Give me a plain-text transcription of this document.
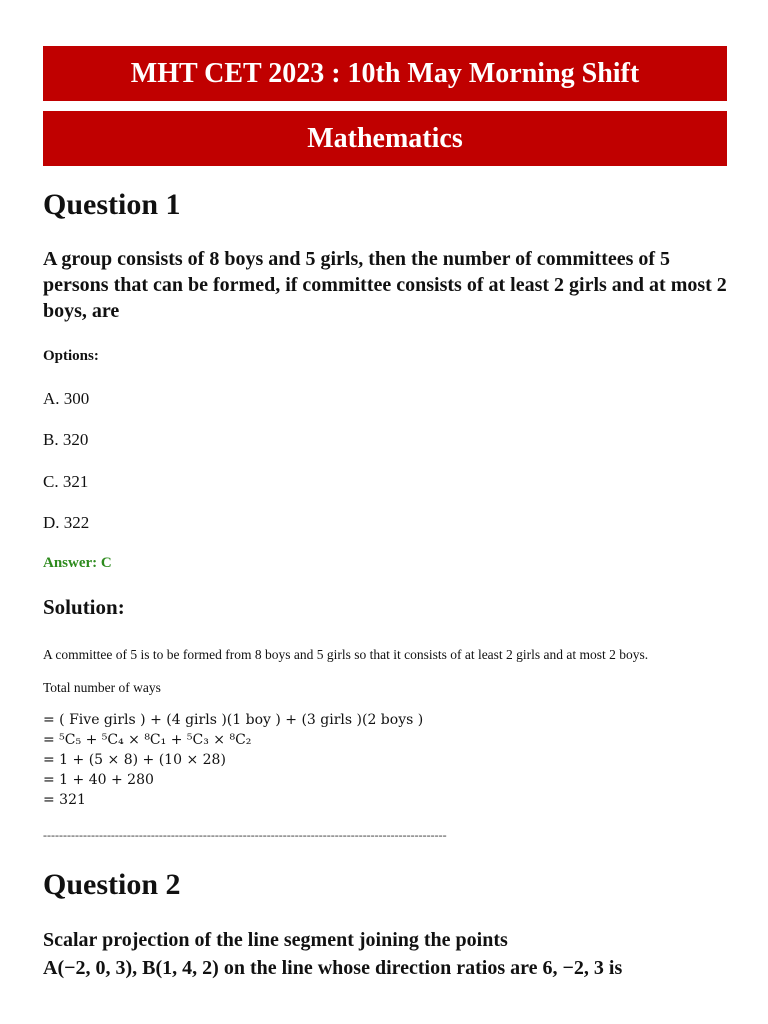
MHT CET 2023 : 10th May Morning Shift
Mathematics
Question 1
A group consists of 8 boys and 5 girls, then the number of committees of 5 persons that can be formed, if committee consists of at least 2 girls and at most 2 boys, are
Options:
A. 300
B. 320
C. 321
D. 322
Answer: C
Solution:
A committee of 5 is to be formed from 8 boys and 5 girls so that it consists of at least 2 girls and at most 2 boys.
Total number of ways
= ( Five girls ) + (4 girls )(1 boy ) + (3 girls )(2 boys )
= ⁵C₅ + ⁵C₄ × ⁸C₁ + ⁵C₃ × ⁸C₂
= 1 + (5 × 8) + (10 × 28)
= 1 + 40 + 280
= 321
-----------------------------------------------------------------------------------------------------
Question 2
Scalar projection of the line segment joining the points
A(−2, 0, 3), B(1, 4, 2) on the line whose direction ratios are 6, −2, 3 is
